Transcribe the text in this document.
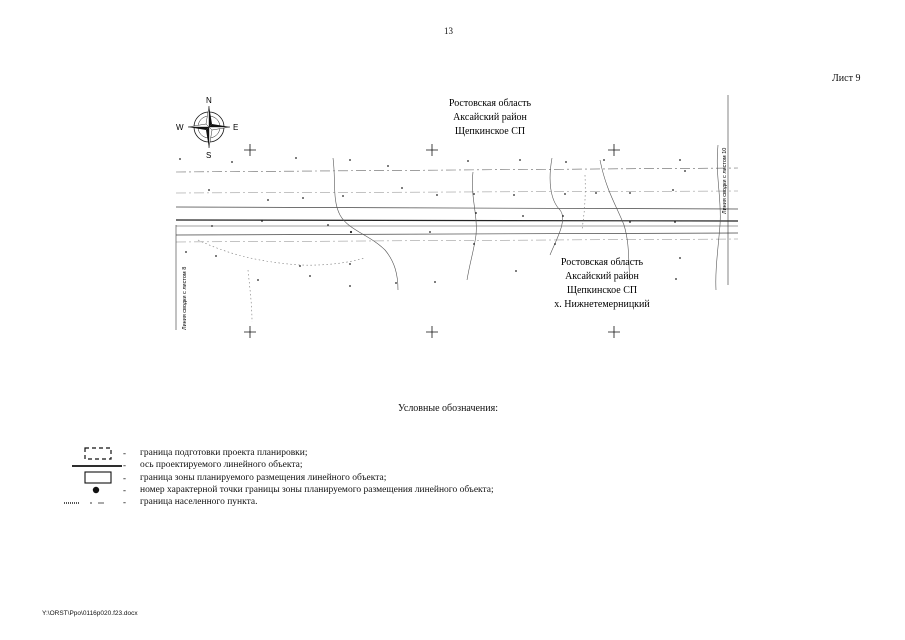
13
Лист 9
N
S
E
W
Линия сводки с листом 8
Линия сводки с листом 10
Ростовская область
Аксайский район
Щепкинское СП
Ростовская область
Аксайский район
Щепкинское СП
х. Нижнетемерницкий
Условные обозначения:
-
-
-
-
-
граница подготовки проекта планировки;
ось проектируемого линейного объекта;
граница зоны планируемого размещения линейного объекта;
номер характерной точки границы зоны планируемого размещения линейного объекта;
граница населенного пункта.
Y:\ORST\Ppo\0116p020.f23.docx
